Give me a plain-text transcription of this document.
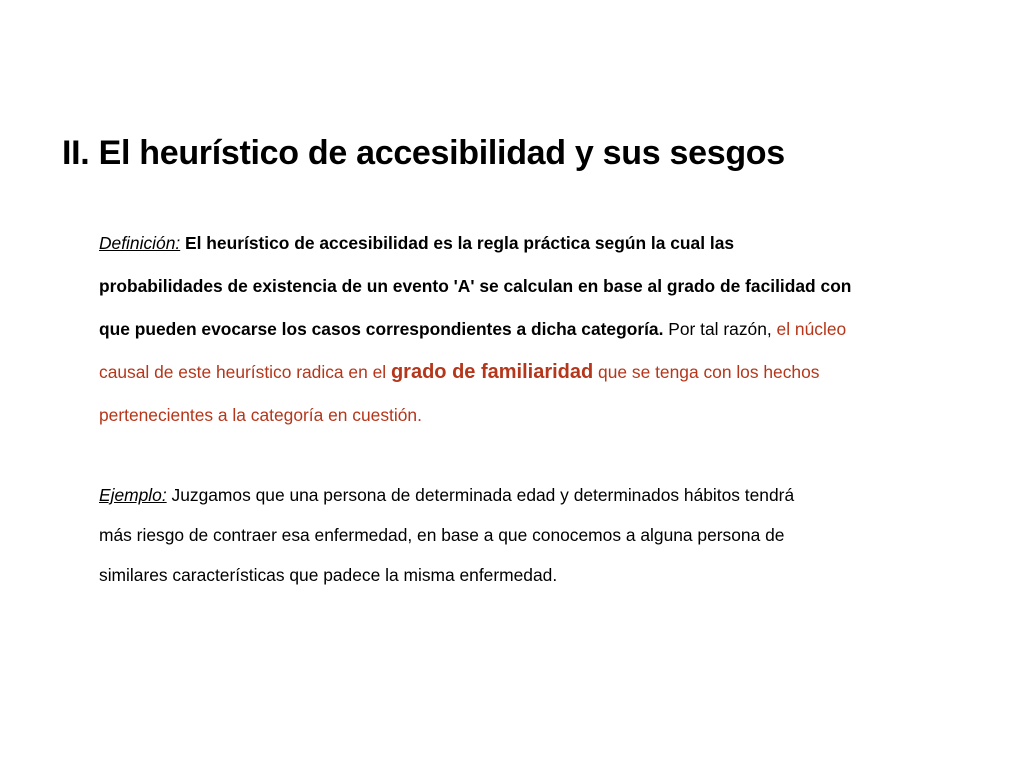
II. El heurístico de accesibilidad y sus sesgos
Definición: El heurístico de accesibilidad es la regla práctica según la cual las
probabilidades de existencia de un evento 'A' se calculan en base al grado de facilidad con
que pueden evocarse los casos correspondientes a dicha categoría. Por tal razón, el núcleo
causal de este heurístico radica en el grado de familiaridad que se tenga con los hechos
pertenecientes a la categoría en cuestión.
Ejemplo: Juzgamos que una persona de determinada edad y determinados hábitos tendrá
más riesgo de contraer esa enfermedad, en base a que conocemos a alguna persona de
similares características que padece la misma enfermedad.
